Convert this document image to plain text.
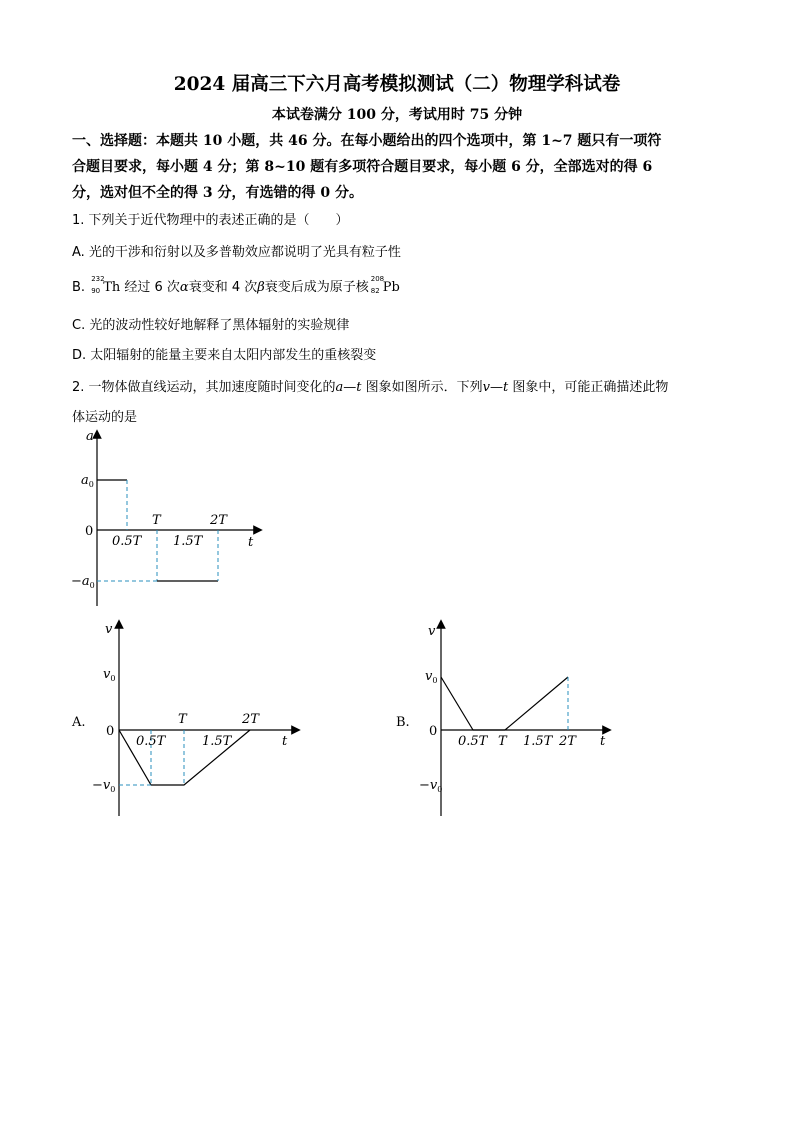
2024 届高三下六月高考模拟测试（二）物理学科试卷
本试卷满分 100 分，考试用时 75 分钟
一、选择题：本题共 10 小题，共 46 分。在每小题给出的四个选项中，第 1~7 题只有一项符
合题目要求，每小题 4 分；第 8~10 题有多项符合题目要求，每小题 6 分，全部选对的得 6
分，选对但不全的得 3 分，有选错的得 0 分。
1. 下列关于近代物理中的表述正确的是（　　）
A. 光的干涉和衍射以及多普勒效应都说明了光具有粒子性
B.
232
90 Th 经过 6 次α衰变和 4 次β衰变后成为原子核
208
82 Pb
C. 光的波动性较好地解释了黑体辐射的实验规律
D. 太阳辐射的能量主要来自太阳内部发生的重核裂变
2. 一物体做直线运动，其加速度随时间变化的a—t 图象如图所示．下列v—t 图象中，可能正确描述此物
体运动的是
a
t
0
$a_0$
$-a_0$
0.5T
T
1.5T
2T
A.
v
t
0
$v_0$
$-v_0$
0.5T
T
1.5T
2T	B.
v
t
0
$v_0$
$-v_0$
0.5T T 1.5T 2T
